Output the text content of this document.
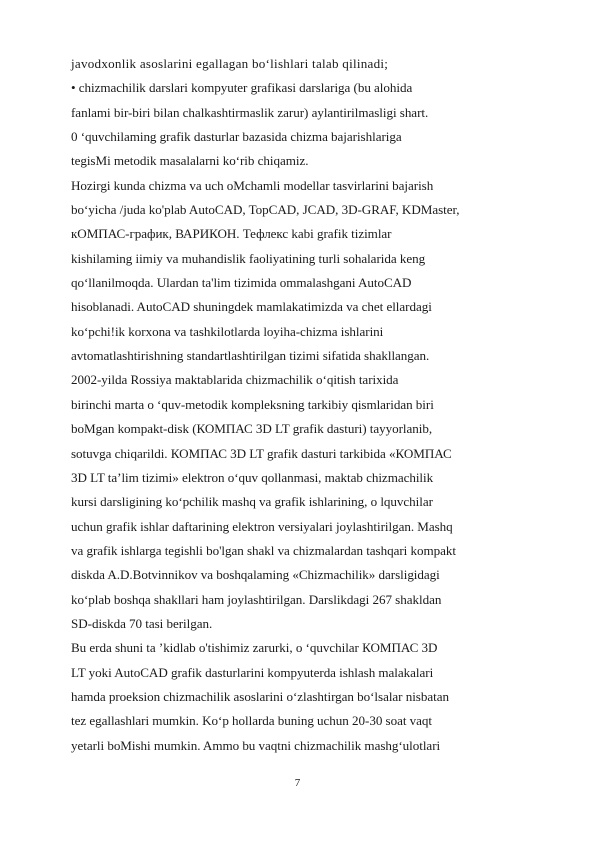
javodxonlik asoslarini egallagan bo‘lishlari talab qilinadi;
• chizmachilik darslari kompyuter grafikasi darslariga (bu alohida
fanlami bir-biri bilan chalkashtirmaslik zarur) aylantirilmasligi shart.
0 ‘quvchilaming grafik dasturlar bazasida chizma bajarishlariga
tegisMi metodik masalalarni ko‘rib chiqamiz.
Hozirgi kunda chizma va uch oMchamli modellar tasvirlarini bajarish
bo‘yicha /juda ko'plab AutoCAD, TopCAD, JCAD, 3D-GRAF, KDMaster,
кОМПАС-график, ВАРИКОН. Тефлекс kabi grafik tizimlar
kishilaming iimiy va muhandislik faoliyatining turli sohalarida keng
qo‘llanilmoqda. Ulardan ta'lim tizimida ommalashgani AutoCAD
hisoblanadi. AutoCAD shuningdek mamlakatimizda va chet ellardagi
ko‘pchi!ik korxona va tashkilotlarda loyiha-chizma ishlarini
avtomatlashtirishning standartlashtirilgan tizimi sifatida shakllangan.
2002-yilda Rossiya maktablarida chizmachilik o‘qitish tarixida
birinchi marta o ‘quv-metodik kompleksning tarkibiy qismlaridan biri
boMgan kompakt-disk (КОМПАС 3D LT grafik dasturi) tayyorlanib,
sotuvga chiqarildi. КОМПАС 3D LT grafik dasturi tarkibida «КОМПАС
3D LT ta’lim tizimi» elektron o‘quv qollanmasi, maktab chizmachilik
kursi darsligining ko‘pchilik mashq va grafik ishlarining, o lquvchilar
uchun grafik ishlar daftarining elektron versiyalari joylashtirilgan. Mashq
va grafik ishlarga tegishli bo'lgan shakl va chizmalardan tashqari kompakt
diskda A.D.Botvinnikov va boshqalaming «Chizmachilik» darsligidagi
ko‘plab boshqa shakllari ham joylashtirilgan. Darslikdagi 267 shakldan
SD-diskda 70 tasi berilgan.
Bu erda shuni ta ’kidlab o'tishimiz zarurki, o ‘quvchilar КОМПАС 3D
LT yoki AutoCAD grafik dasturlarini kompyuterda ishlash malakalari
hamda proeksion chizmachilik asoslarini o‘zlashtirgan bo‘lsalar nisbatan
tez egallashlari mumkin. Ko‘p hollarda buning uchun 20-30 soat vaqt
yetarli boMishi mumkin. Ammo bu vaqtni chizmachilik mashg‘ulotlari
7
